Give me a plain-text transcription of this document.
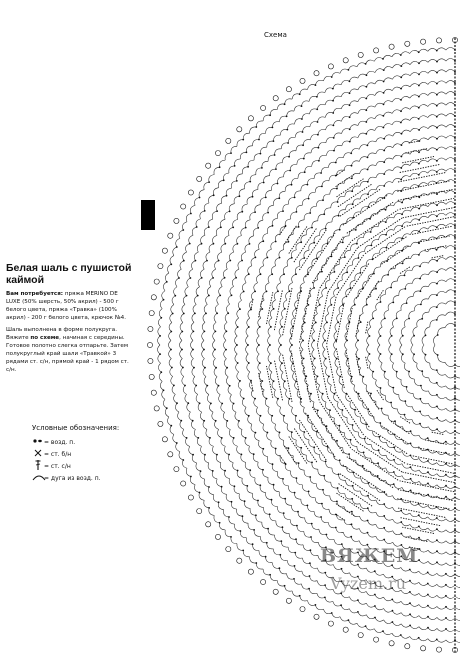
Схема
Белая шаль с пушистой каймой

Вам потребуется: пряжа MERINO DE LUXE (50% шерсть, 50% акрил) - 500 г белого цвета, пряжа «Травка» (100% акрил) - 200 г белого цвета, крючок №4.

Шаль выполнена в форме полукруга. Вяжите по схеме, начиная с середины. Готовое полотно слегка отпарьте. Затем полукруглый край шали «Травкой» 3 рядами ст. с/н, прямой край - 1 рядом ст. с/н.

Условные обозначения:
= возд. п.
= ст. б/н
= ст. с/н
= дуга из возд. п.
ВЯЖЕМ
Vyzem.ru
